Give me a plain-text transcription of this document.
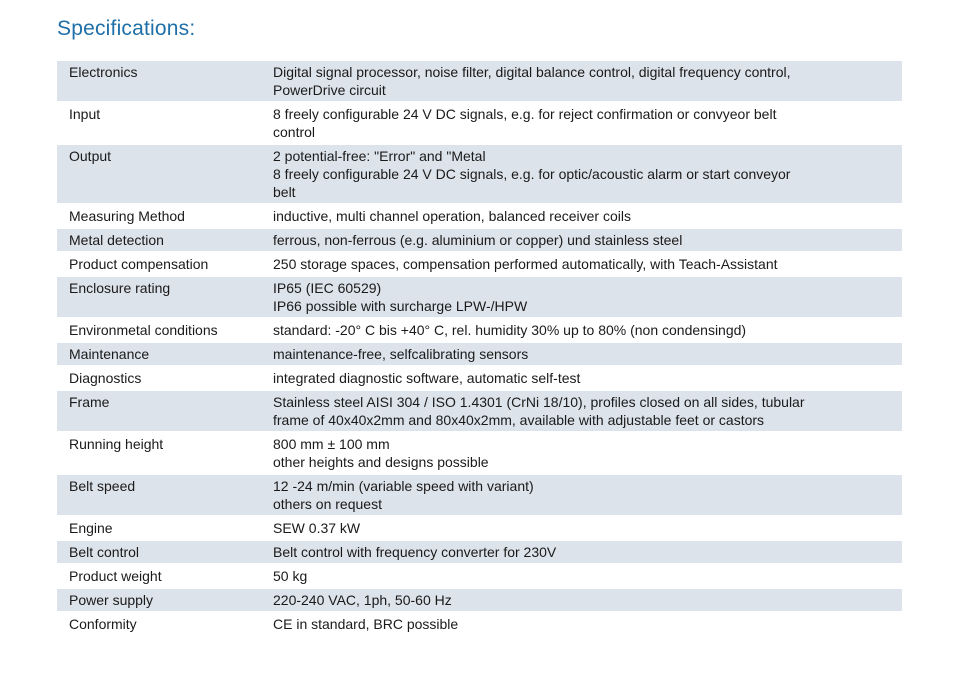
Specifications:
Electronics	Digital signal processor, noise filter, digital balance control, digital frequency control,
PowerDrive circuit

Input	8 freely configurable 24 V DC signals, e.g. for reject confirmation or convyeor belt
control

Output	2 potential-free: "Error" and "Metal
8 freely configurable 24 V DC signals, e.g. for optic/acoustic alarm or start conveyor
belt

Measuring Method	inductive, multi channel operation, balanced receiver coils

Metal detection	ferrous, non-ferrous (e.g. aluminium or copper) und stainless steel

Product compensation	250 storage spaces, compensation performed automatically, with Teach-Assistant

Enclosure rating	IP65 (IEC 60529)
IP66 possible with surcharge LPW-/HPW

Environmetal conditions	standard: -20° C bis +40° C, rel. humidity 30% up to 80% (non condensingd)

Maintenance	maintenance-free, selfcalibrating sensors

Diagnostics	integrated diagnostic software, automatic self-test

Frame	Stainless steel AISI 304 / ISO 1.4301 (CrNi 18/10), profiles closed on all sides, tubular
frame of 40x40x2mm and 80x40x2mm, available with adjustable feet or castors

Running height	800 mm ± 100 mm
other heights and designs possible

Belt speed	12 -24 m/min (variable speed with variant)
others on request

Engine	SEW 0.37 kW

Belt control	Belt control with frequency converter for 230V

Product weight	50 kg

Power supply	220-240 VAC, 1ph, 50-60 Hz

Conformity	CE in standard, BRC possible
